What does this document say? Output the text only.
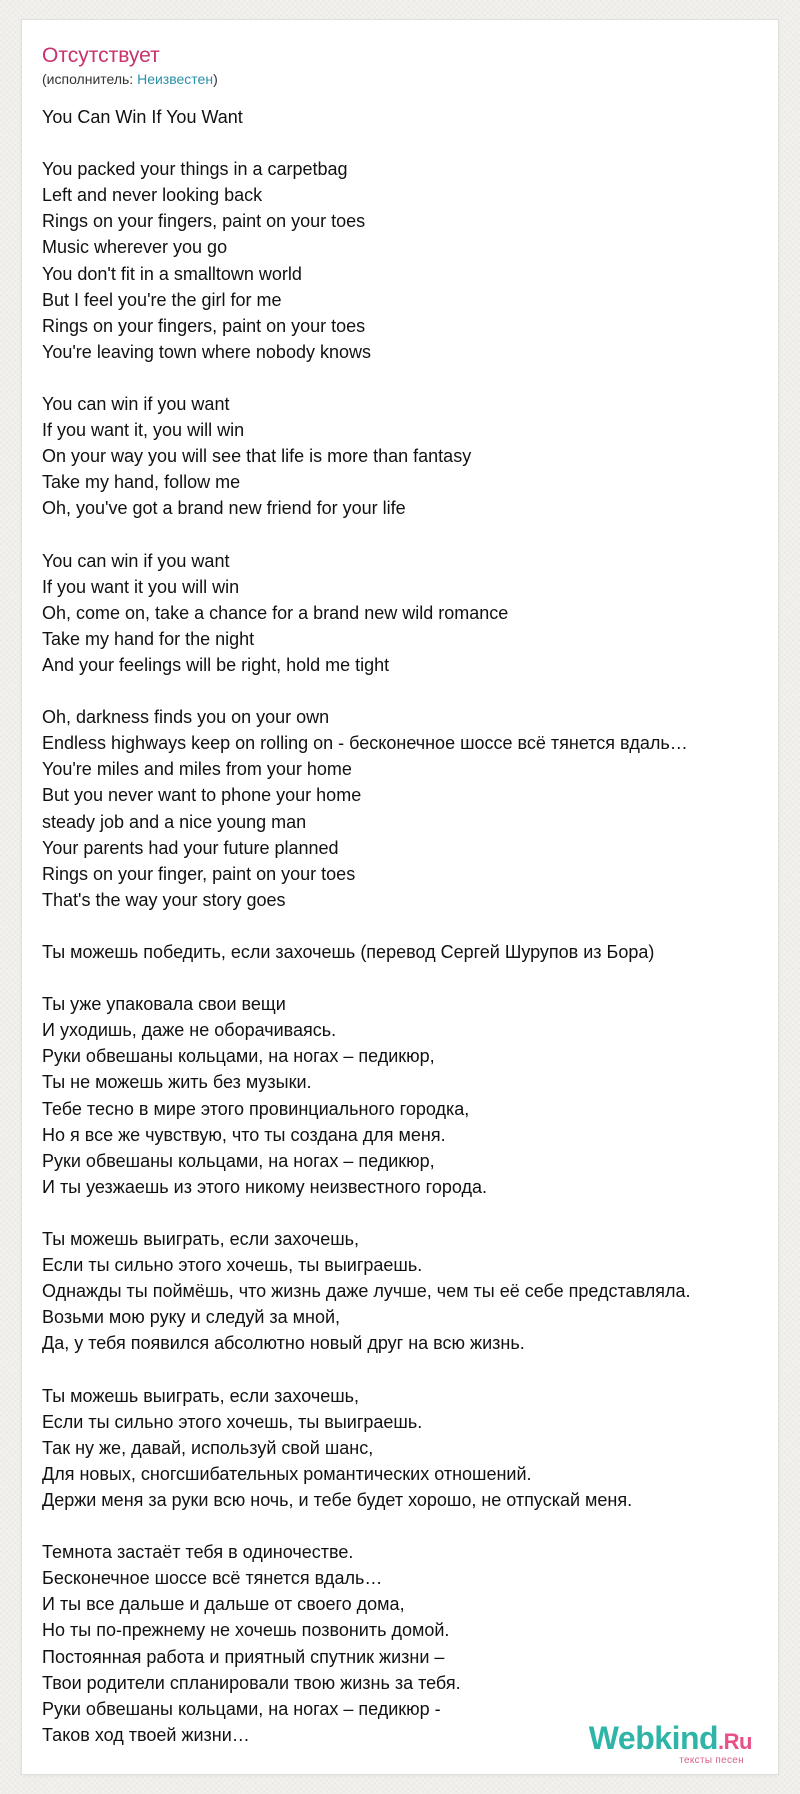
Отсутствует
(исполнитель: Неизвестен)
You Can Win If You Want

You packed your things in a carpetbag
Left and never looking back
Rings on your fingers, paint on your toes
Music wherever you go
You don't fit in a smalltown world
But I feel you're the girl for me
Rings on your fingers, paint on your toes
You're leaving town where nobody knows

You can win if you want
If you want it, you will win
On your way you will see that life is more than fantasy
Take my hand, follow me
Oh, you've got a brand new friend for your life

You can win if you want
If you want it you will win
Oh, come on, take a chance for a brand new wild romance
Take my hand for the night
And your feelings will be right, hold me tight

Oh, darkness finds you on your own
Endless highways keep on rolling on - бесконечное шоссе всё тянется вдаль…
You're miles and miles from your home
But you never want to phone your home
steady job and a nice young man
Your parents had your future planned
Rings on your finger, paint on your toes
That's the way your story goes

Ты можешь победить, если захочешь (перевод Сергей Шурупов из Бора)

Ты уже упаковала свои вещи
И уходишь, даже не оборачиваясь.
Руки обвешаны кольцами, на ногах – педикюр,
Ты не можешь жить без музыки.
Тебе тесно в мире этого провинциального городка,
Но я все же чувствую, что ты создана для меня.
Руки обвешаны кольцами, на ногах – педикюр,
И ты уезжаешь из этого никому неизвестного города.

Ты можешь выиграть, если захочешь,
Если ты сильно этого хочешь, ты выиграешь.
Однажды ты поймёшь, что жизнь даже лучше, чем ты её себе представляла.
Возьми мою руку и следуй за мной,
Да, у тебя появился абсолютно новый друг на всю жизнь.

Ты можешь выиграть, если захочешь,
Если ты сильно этого хочешь, ты выиграешь.
Так ну же, давай, используй свой шанс,
Для новых, сногсшибательных романтических отношений.
Держи меня за руки всю ночь, и тебе будет хорошо, не отпускай меня.

Темнота застаёт тебя в одиночестве.
Бесконечное шоссе всё тянется вдаль…
И ты все дальше и дальше от своего дома,
Но ты по-прежнему не хочешь позвонить домой.
Постоянная работа и приятный спутник жизни –
Твои родители спланировали твою жизнь за тебя.
Руки обвешаны кольцами, на ногах – педикюр -
Таков ход твоей жизни…	Webkind.Ru
тексты песен
